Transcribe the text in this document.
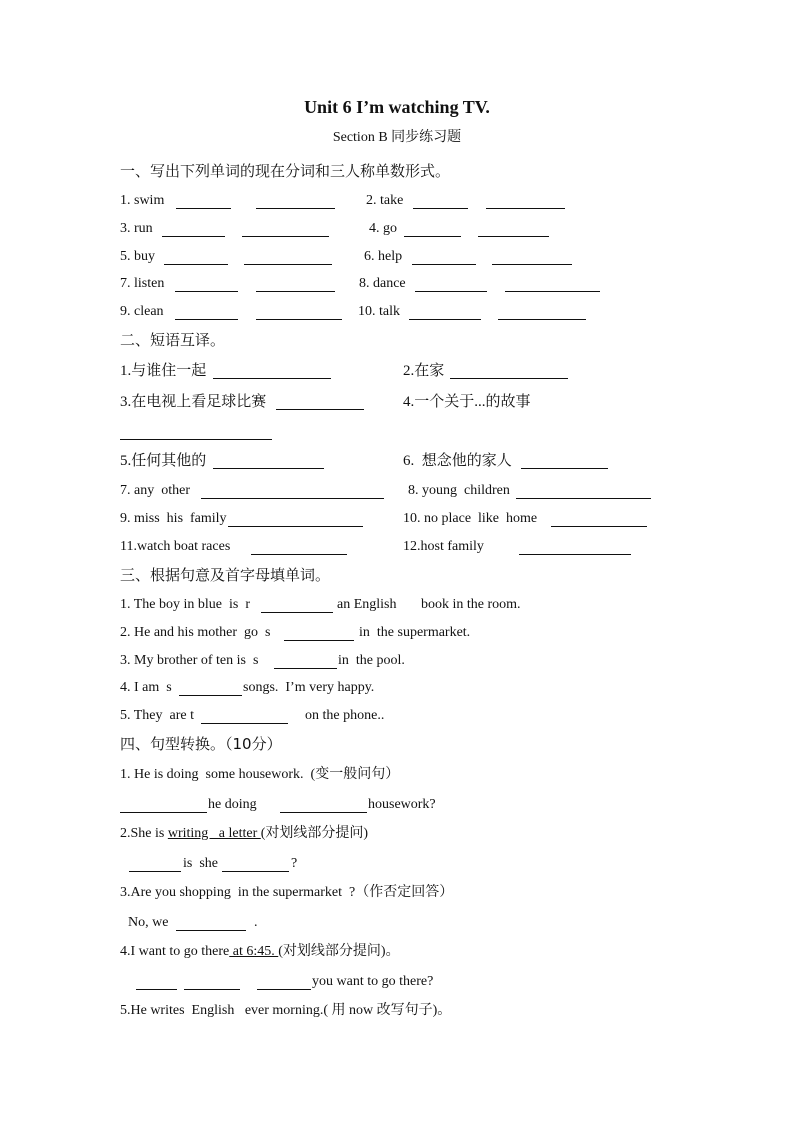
Unit 6 I’m watching TV.
Section B 同步练习题
一、写出下列单词的现在分词和三人称单数形式。
1. swim	2. take
3. run	4. go
5. buy	6. help
7. listen	8. dance
9. clean	10. talk
二、短语互译。
1.与谁住一起	2.在家
3.在电视上看足球比赛	4.一个关于...的故事
5.任何其他的	6.  想念他的家人
7. any  other	8. young  children
9. miss  his  family	10. no place  like  home
11.watch boat races	12.host family
三、根据句意及首字母填单词。
1. The boy in blue  is  r	an English book in the room.
2. He and his mother  go  s	in  the supermarket.
3. My brother of ten is  s	in  the pool.
4. I am  s	songs.  I’m very happy.
5. They  are t	on the phone..
四、句型转换。（10分）
1. He is doing  some housework.  (变一般问句）
he doing	housework?
2.She is writing   a letter (对划线部分提问)
is  she	?
3.Are you shopping  in the supermarket  ?（作否定回答）
No, we	.
4.I want to go there at 6:45. (对划线部分提问)。
you want to go there?
5.He writes  English   ever morning.( 用 now 改写句子)。
